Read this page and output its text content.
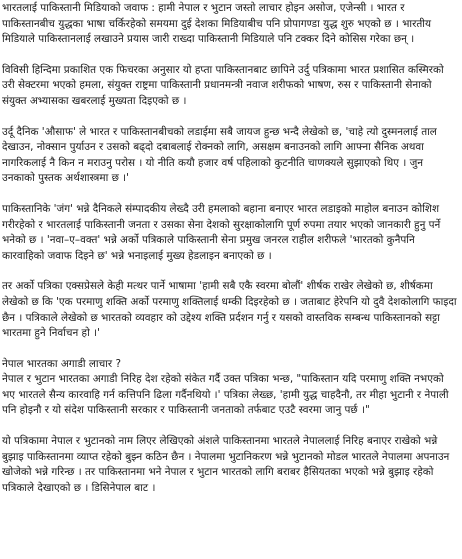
भारतलाई पाकिस्तानी मिडियाको जवाफ : हामी नेपाल र भुटान जस्तो लाचार होइन असोज, एजेन्सी । भारत र पाकिस्तानबीच युद्धका भाषा चर्किरहेको समयमा दुई देशका मिडियाबीच पनि प्रोपागण्डा युद्ध शुरु भएको छ । भारतीय मिडियाले पाकिस्तानलाई लखाउने प्रयास जारी राख्दा पाकिस्तानी मिडियाले पनि टक्कर दिने कोसिस गरेका छन् ।

विविसी हिन्दिमा प्रकाशित एक फिचरका अनुसार यो हप्ता पाकिस्तानबाट छापिने उर्दु पत्रिकामा भारत प्रशासित कस्मिरको उरी सेक्टरमा भएको हमला, संयुक्त राष्ट्रमा पाकिस्तानी प्रधानमन्त्री नवाज शरीफको भाषण, रुस र पाकिस्तानी सेनाको संयुक्त अभ्यासका खबरलाई मुख्यता दिइएको छ ।

उर्दू दैनिक 'औसाफ' ले भारत र पाकिस्तानबीचको लडाईमा सबै जायज हुन्छ भन्दै लेखेको छ, 'चाहे त्यो दुस्मनलाई ताल देखाउन, नोक्सान पुर्याउन र उसको बढ्दो दबाबलाई रोक्नको लागि, असक्षम बनाउनको लागि आफ्ना सैनिक अथवा नागरिकलाई नै किन न मराउनु परोस । यो नीति कयौ हजार वर्ष पहिलाको कुटनीति चाणक्यले सुझाएको थिए । जुन उनकाको पुस्तक अर्थशास्त्रमा छ ।'

पाकिस्तानिके 'जंग' भन्ने दैनिकले संम्पादकीय लेख्दै उरी हमलाको बहाना बनाएर भारत लडाइको माहोल बनाउन कोशिश गरीरहेको र भारतलाई पाकिस्तानी जनता र उसका सेना देशको सुरक्षाकोलागि पूर्ण रुपमा तयार भएको जानकारी हुनु पर्ने भनेको छ । 'नवा–ए–वक्त' भन्ने अर्को पत्रिकाले पाकिस्तानी सेना प्रमुख जनरल राहील शरीफले 'भारतको कुनैपनि कारवाहिको जवाफ दिइने छ' भन्ने भनाइलाई मुख्य हेडलाइन बनाएको छ ।

तर अर्को पत्रिका एक्सप्रेसले केही मत्थर पार्ने भाषामा 'हामी सबै एकै स्वरमा बोलौं' शीर्षक राखेर लेखेको छ, शीर्षकमा लेखेको छ कि 'एक परमाणु शक्ति अर्को परमाणु शक्तिलाई धम्की दिइरहेको छ । जताबाट हेरेपनि यो दुवै देशकोलागि फाइदा छैन । पत्रिकाले लेखेको छ भारतको व्यवहार को उद्देश्य शक्ति प्रर्दशन गर्नु र यसको वास्तविक सम्बन्ध पाकिस्तानको सट्टा भारतमा हुने निर्वाचन हो ।'

नेपाल भारतका अगाडी लाचार ?
नेपाल र भुटान भारतका अगाडी निरिह देश रहेको संकेत गर्दै उक्त पत्रिका भन्छ, "पाकिस्तान यदि परमाणु शक्ति नभएको भए भारतले सैन्य कारवाहि गर्न कत्तिपनि ढिला गर्दैनथियो ।' पत्रिका लेख्छ, 'हामी युद्ध चाहदैनौ, तर मीहा भुटानी र नेपाली पनि होइनौ र यो संदेश पाकिस्तानी सरकार र पाकिस्तानी जनताको तर्फबाट एउटै स्वरमा जानु पर्छ ।"

यो पत्रिकामा नेपाल र भुटानको नाम लिएर लेखिएको अंशले पाकिस्तानमा भारतले नेपाललाई निरिह बनाएर राखेको भन्ने बुझाइ पाकिस्तानमा व्याप्त रहेको बुझ्न कठिन छैन । नेपालमा भुटानिकरण भन्ने भुटानको मोडल भारतले नेपालमा अपनाउन खोजेको भन्ने गरिन्छ । तर पाकिस्तानमा भने नेपाल र भुटान भारतको लागि बराबर हैसियतका भएको भन्ने बुझाइ रहेको पत्रिकाले देखाएको छ । डिसिनेपाल बाट ।
